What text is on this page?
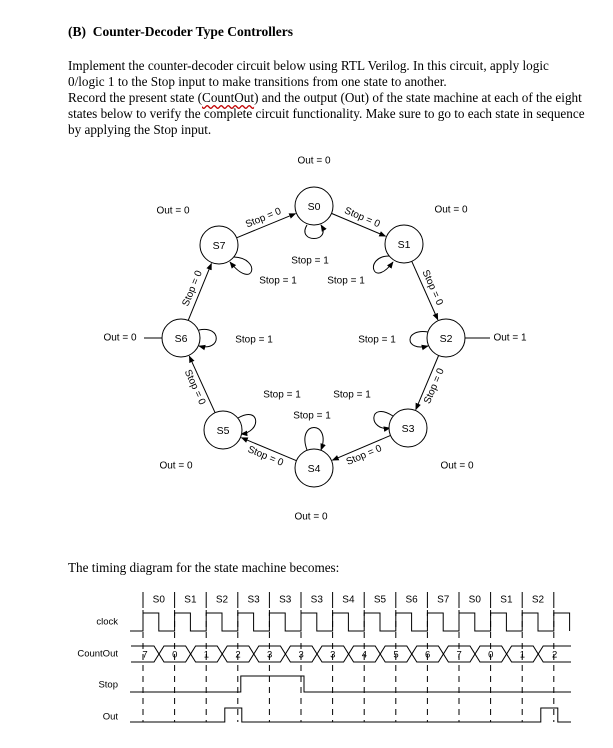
(B)  Counter-Decoder Type Controllers

Implement the counter-decoder circuit below using RTL Verilog. In this circuit, apply logic 0/logic 1 to the Stop input to make transitions from one state to another.

Record the present state (CountOut) and the output (Out) of the state machine at each of the eight states below to verify the complete circuit functionality. Make sure to go to each state in sequence by applying the Stop input.

The timing diagram for the state machine becomes:
Stop = 0
Stop = 0
Stop = 0
Stop = 0
Stop = 0
Stop = 0
Stop = 0
Stop = 0
Stop = 1
Stop = 1
Stop = 1
Stop = 1
Stop = 1
Stop = 1
Stop = 1
Stop = 1
S0
Out = 0
S1
Out = 0
S2	Out = 1
S3
Out = 0
S4
Out = 0
S5
Out = 0
S6
Out = 0
S7
Out = 0
S0 S1 S2 S3 S3 S3 S4 S5 S6 S7 S0 S1 S2
clock
CountOut
Stop
Out
7	0	1	2	3	3	3	4	5	6	7	0	1	2
